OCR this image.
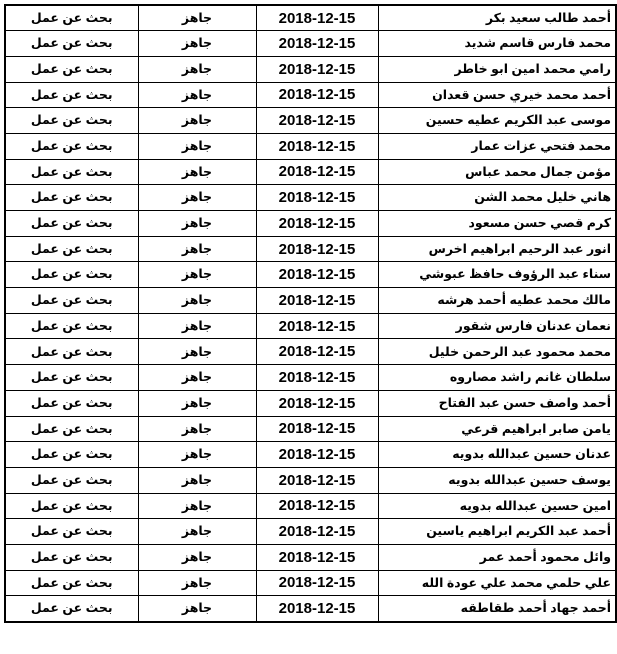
أحمد طالب سعيد بكر	2018-12-15	جاهز	بحث عن عمل
محمد فارس قاسم شديد	2018-12-15	جاهز	بحث عن عمل
رامي محمد امين ابو خاطر	2018-12-15	جاهز	بحث عن عمل
أحمد محمد خيري حسن قعدان	2018-12-15	جاهز	بحث عن عمل
موسى عبد الكريم عطيه حسين	2018-12-15	جاهز	بحث عن عمل
محمد فتحي عزات عمار	2018-12-15	جاهز	بحث عن عمل
مؤمن جمال محمد عباس	2018-12-15	جاهز	بحث عن عمل
هاني خليل محمد الشن	2018-12-15	جاهز	بحث عن عمل
كرم قصي حسن مسعود	2018-12-15	جاهز	بحث عن عمل
انور عبد الرحيم ابراهيم اخرس	2018-12-15	جاهز	بحث عن عمل
سناء عبد الرؤوف حافظ عبوشي	2018-12-15	جاهز	بحث عن عمل
مالك محمد عطيه أحمد هرشه	2018-12-15	جاهز	بحث عن عمل
نعمان عدنان فارس شقور	2018-12-15	جاهز	بحث عن عمل
محمد محمود عبد الرحمن خليل	2018-12-15	جاهز	بحث عن عمل
سلطان غانم راشد مصاروه	2018-12-15	جاهز	بحث عن عمل
أحمد واصف حسن عبد الفتاح	2018-12-15	جاهز	بحث عن عمل
يامن صابر ابراهيم قرعي	2018-12-15	جاهز	بحث عن عمل
عدنان حسين عبدالله بدويه	2018-12-15	جاهز	بحث عن عمل
يوسف حسين عبدالله بدويه	2018-12-15	جاهز	بحث عن عمل
امين حسين عبدالله بدويه	2018-12-15	جاهز	بحث عن عمل
أحمد عبد الكريم ابراهيم ياسين	2018-12-15	جاهز	بحث عن عمل
وائل محمود أحمد عمر	2018-12-15	جاهز	بحث عن عمل
علي حلمي محمد علي عودة الله	2018-12-15	جاهز	بحث عن عمل
أحمد جهاد أحمد طقاطقه	2018-12-15	جاهز	بحث عن عمل
